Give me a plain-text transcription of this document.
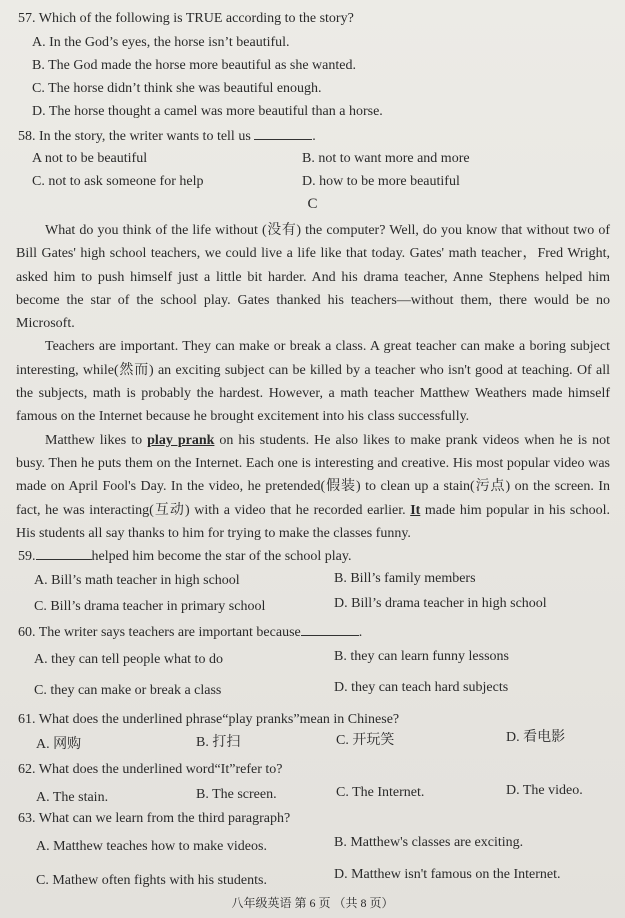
57. Which of the following is TRUE according to the story?
A. In the God’s eyes, the horse isn’t beautiful.
B. The God made the horse more beautiful as she wanted.
C. The horse didn’t think she was beautiful enough.
D. The horse thought a camel was more beautiful than a horse.
58. In the story, the writer wants to tell us	.
A not to be beautiful	B. not to want more and more
C. not to ask someone for help	D. how to be more beautiful
C

What do you think of the life without (没有) the computer? Well, do you know that without two of Bill Gates' high school teachers, we could live a life like that today. Gates' math teacher，Fred Wright, asked him to push himself just a little bit harder. And his drama teacher, Anne Stephens helped him become the star of the school play. Gates thanked his teachers—without them, there would be no Microsoft.

Teachers are important. They can make or break a class. A great teacher can make a boring subject interesting, while(然而) an exciting subject can be killed by a teacher who isn't good at teaching. Of all the subjects, math is probably the hardest. However, a math teacher Matthew Weathers made himself famous on the Internet because he brought excitement into his class successfully.

Matthew likes to play prank on his students. He also likes to make prank videos when he is not busy. Then he puts them on the Internet. Each one is interesting and creative. His most popular video was made on April Fool's Day. In the video, he pretended(假装) to clean up a stain(污点) on the screen. In fact, he was interacting(互动) with a video that he recorded earlier. It made him popular in his school. His students all say thanks to him for trying to make the classes funny.

59.	helped him become the star of the school play.
A. Bill’s math teacher in high school	B. Bill’s family members
C. Bill’s drama teacher in primary school	D. Bill’s drama teacher in high school
60. The writer says teachers are important because	.
A. they can tell people what to do	B. they can learn funny lessons
C. they can make or break a class	D. they can teach hard subjects
61. What does the underlined phrase“play pranks”mean in Chinese?
A. 网购	B. 打扫	C. 开玩笑	D. 看电影
62. What does the underlined word“It”refer to?
A. The stain.	B. The screen.	C. The Internet.	D. The video.
63. What can we learn from the third paragraph?
A. Matthew teaches how to make videos.	B. Matthew's classes are exciting.
C. Mathew often fights with his students.	D. Matthew isn't famous on the Internet.
八年级英语 第 6 页 （共 8 页）
